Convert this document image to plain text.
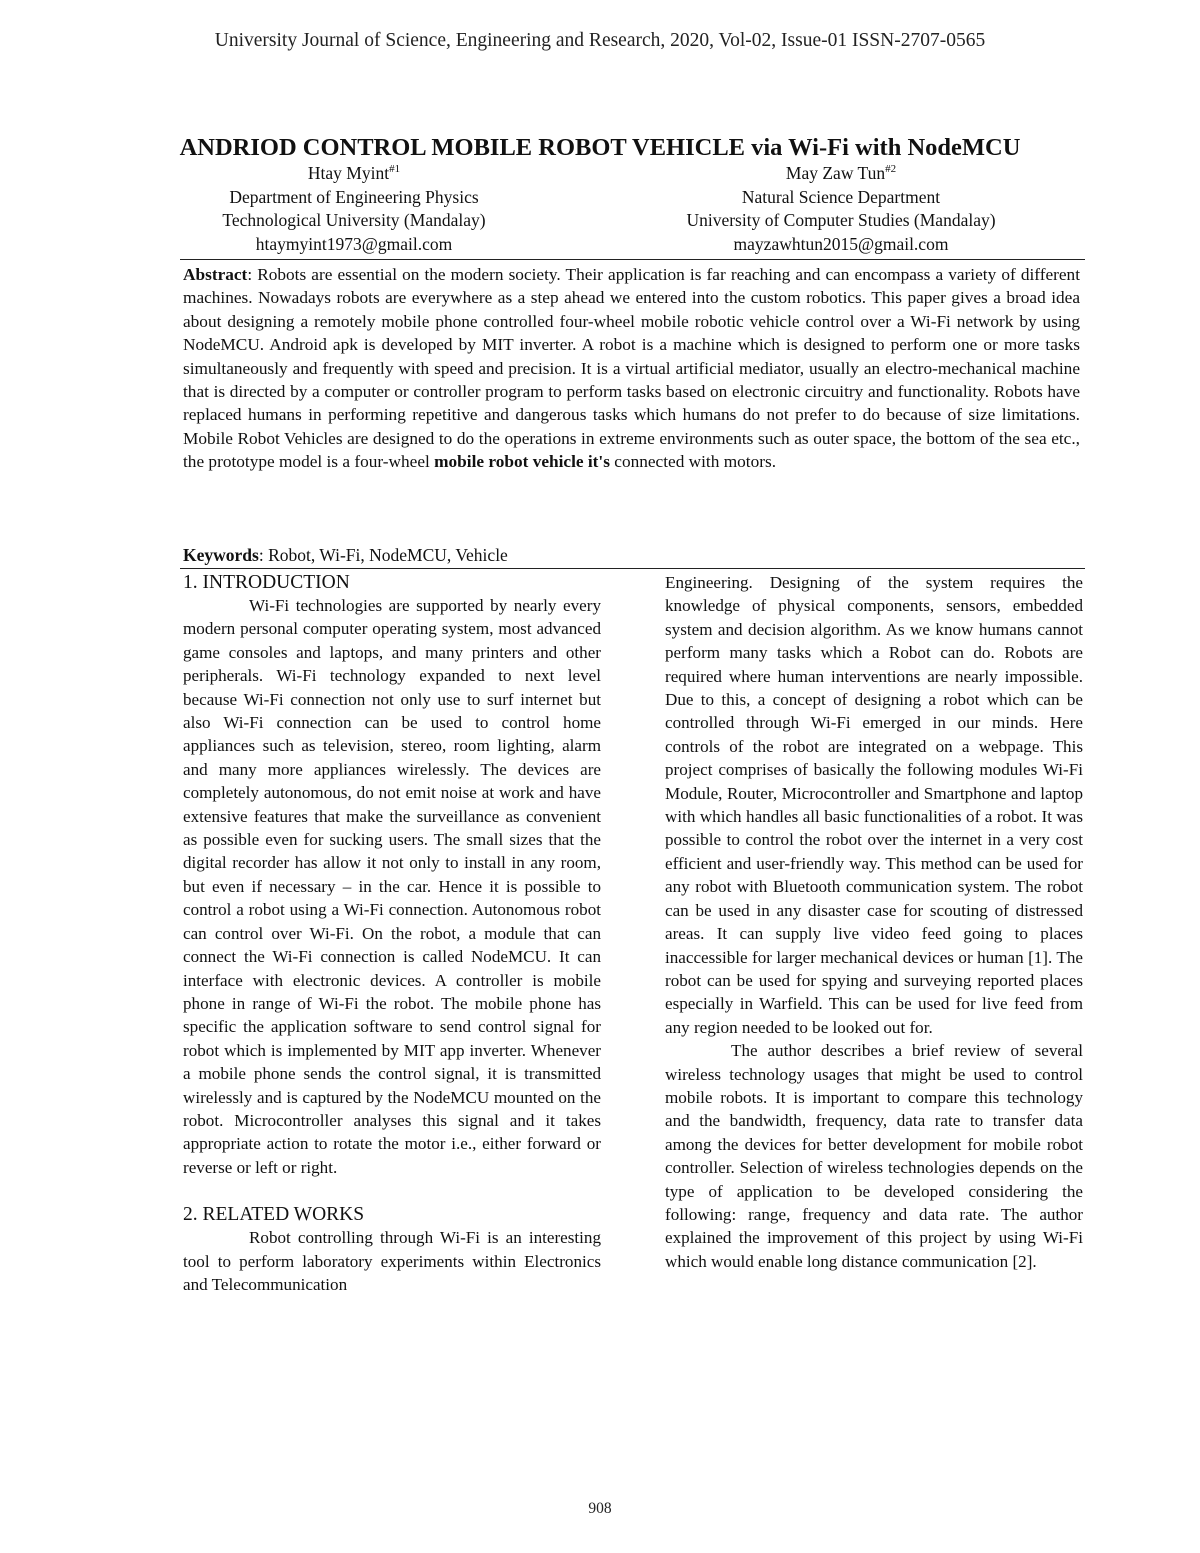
University Journal of Science, Engineering and Research, 2020, Vol-02, Issue-01 ISSN-2707-0565
ANDRIOD CONTROL MOBILE ROBOT VEHICLE via Wi-Fi with NodeMCU
Htay Myint$^{\#1}$
Department of Engineering Physics
Technological University (Mandalay)
htaymyint1973@gmail.com
May Zaw Tun$^{\#2}$
Natural Science Department
University of Computer Studies (Mandalay)
mayzawhtun2015@gmail.com
Abstract: Robots are essential on the modern society. Their application is far reaching and can encompass a variety of different machines. Nowadays robots are everywhere as a step ahead we entered into the custom robotics. This paper gives a broad idea about designing a remotely mobile phone controlled four-wheel mobile robotic vehicle control over a Wi-Fi network by using NodeMCU. Android apk is developed by MIT inverter. A robot is a machine which is designed to perform one or more tasks simultaneously and frequently with speed and precision. It is a virtual artificial mediator, usually an electro-mechanical machine that is directed by a computer or controller program to perform tasks based on electronic circuitry and functionality. Robots have replaced humans in performing repetitive and dangerous tasks which humans do not prefer to do because of size limitations. Mobile Robot Vehicles are designed to do the operations in extreme environments such as outer space, the bottom of the sea etc., the prototype model is a four-wheel mobile robot vehicle it's connected with motors.
Keywords: Robot, Wi-Fi, NodeMCU, Vehicle
1. INTRODUCTION

Wi-Fi technologies are supported by nearly every modern personal computer operating system, most advanced game consoles and laptops, and many printers and other peripherals. Wi-Fi technology expanded to next level because Wi-Fi connection not only use to surf internet but also Wi-Fi connection can be used to control home appliances such as television, stereo, room lighting, alarm and many more appliances wirelessly. The devices are completely autonomous, do not emit noise at work and have extensive features that make the surveillance as convenient as possible even for sucking users. The small sizes that the digital recorder has allow it not only to install in any room, but even if necessary – in the car. Hence it is possible to control a robot using a Wi-Fi connection. Autonomous robot can control over Wi-Fi. On the robot, a module that can connect the Wi-Fi connection is called NodeMCU. It can interface with electronic devices. A controller is mobile phone in range of Wi-Fi the robot. The mobile phone has specific the application software to send control signal for robot which is implemented by MIT app inverter. Whenever a mobile phone sends the control signal, it is transmitted wirelessly and is captured by the NodeMCU mounted on the robot. Microcontroller analyses this signal and it takes appropriate action to rotate the motor i.e., either forward or reverse or left or right.

2. RELATED WORKS

Robot controlling through Wi-Fi is an interesting tool to perform laboratory experiments within Electronics and Telecommunication

Engineering. Designing of the system requires the knowledge of physical components, sensors, embedded system and decision algorithm. As we know humans cannot perform many tasks which a Robot can do. Robots are required where human interventions are nearly impossible. Due to this, a concept of designing a robot which can be controlled through Wi-Fi emerged in our minds. Here controls of the robot are integrated on a webpage. This project comprises of basically the following modules Wi-Fi Module, Router, Microcontroller and Smartphone and laptop with which handles all basic functionalities of a robot. It was possible to control the robot over the internet in a very cost efficient and user-friendly way. This method can be used for any robot with Bluetooth communication system. The robot can be used in any disaster case for scouting of distressed areas. It can supply live video feed going to places inaccessible for larger mechanical devices or human [1]. The robot can be used for spying and surveying reported places especially in Warfield. This can be used for live feed from any region needed to be looked out for.

The author describes a brief review of several wireless technology usages that might be used to control mobile robots. It is important to compare this technology and the bandwidth, frequency, data rate to transfer data among the devices for better development for mobile robot controller. Selection of wireless technologies depends on the type of application to be developed considering the following: range, frequency and data rate. The author explained the improvement of this project by using Wi-Fi which would enable long distance communication [2].

908
